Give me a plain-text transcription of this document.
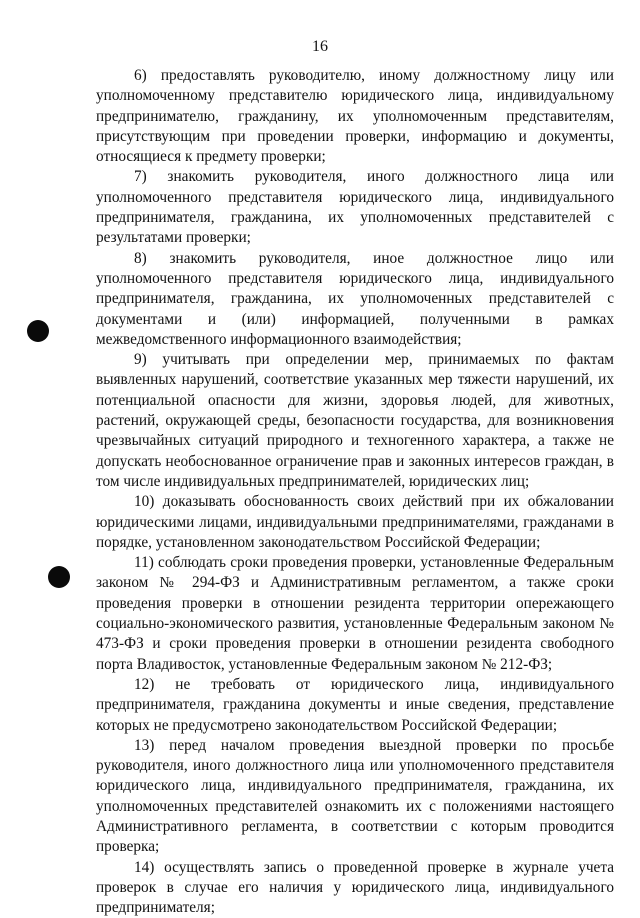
16

6) предоставлять руководителю, иному должностному лицу или уполномоченному представителю юридического лица, индивидуальному предпринимателю, гражданину, их уполномоченным представителям, присутствующим при проведении проверки, информацию и документы, относящиеся к предмету проверки;

7) знакомить руководителя, иного должностного лица или уполномоченного представителя юридического лица, индивидуального предпринимателя, гражданина, их уполномоченных представителей с результатами проверки;

8) знакомить руководителя, иное должностное лицо или уполномоченного представителя юридического лица, индивидуального предпринимателя, гражданина, их уполномоченных представителей с документами и (или) информацией, полученными в рамках межведомственного информационного взаимодействия;

9) учитывать при определении мер, принимаемых по фактам выявленных нарушений, соответствие указанных мер тяжести нарушений, их потенциальной опасности для жизни, здоровья людей, для животных, растений, окружающей среды, безопасности государства, для возникновения чрезвычайных ситуаций природного и техногенного характера, а также не допускать необоснованное ограничение прав и законных интересов граждан, в том числе индивидуальных предпринимателей, юридических лиц;

10) доказывать обоснованность своих действий при их обжаловании юридическими лицами, индивидуальными предпринимателями, гражданами в порядке, установленном законодательством Российской Федерации;

11) соблюдать сроки проведения проверки, установленные Федеральным законом № 294-ФЗ и Административным регламентом, а также сроки проведения проверки в отношении резидента территории опережающего социально-экономического развития, установленные Федеральным законом № 473-ФЗ и сроки проведения проверки в отношении резидента свободного порта Владивосток, установленные Федеральным законом № 212-ФЗ;

12) не требовать от юридического лица, индивидуального предпринимателя, гражданина документы и иные сведения, представление которых не предусмотрено законодательством Российской Федерации;

13) перед началом проведения выездной проверки по просьбе руководителя, иного должностного лица или уполномоченного представителя юридического лица, индивидуального предпринимателя, гражданина, их уполномоченных представителей ознакомить их с положениями настоящего Административного регламента, в соответствии с которым проводится проверка;

14) осуществлять запись о проведенной проверке в журнале учета проверок в случае его наличия у юридического лица, индивидуального предпринимателя;
